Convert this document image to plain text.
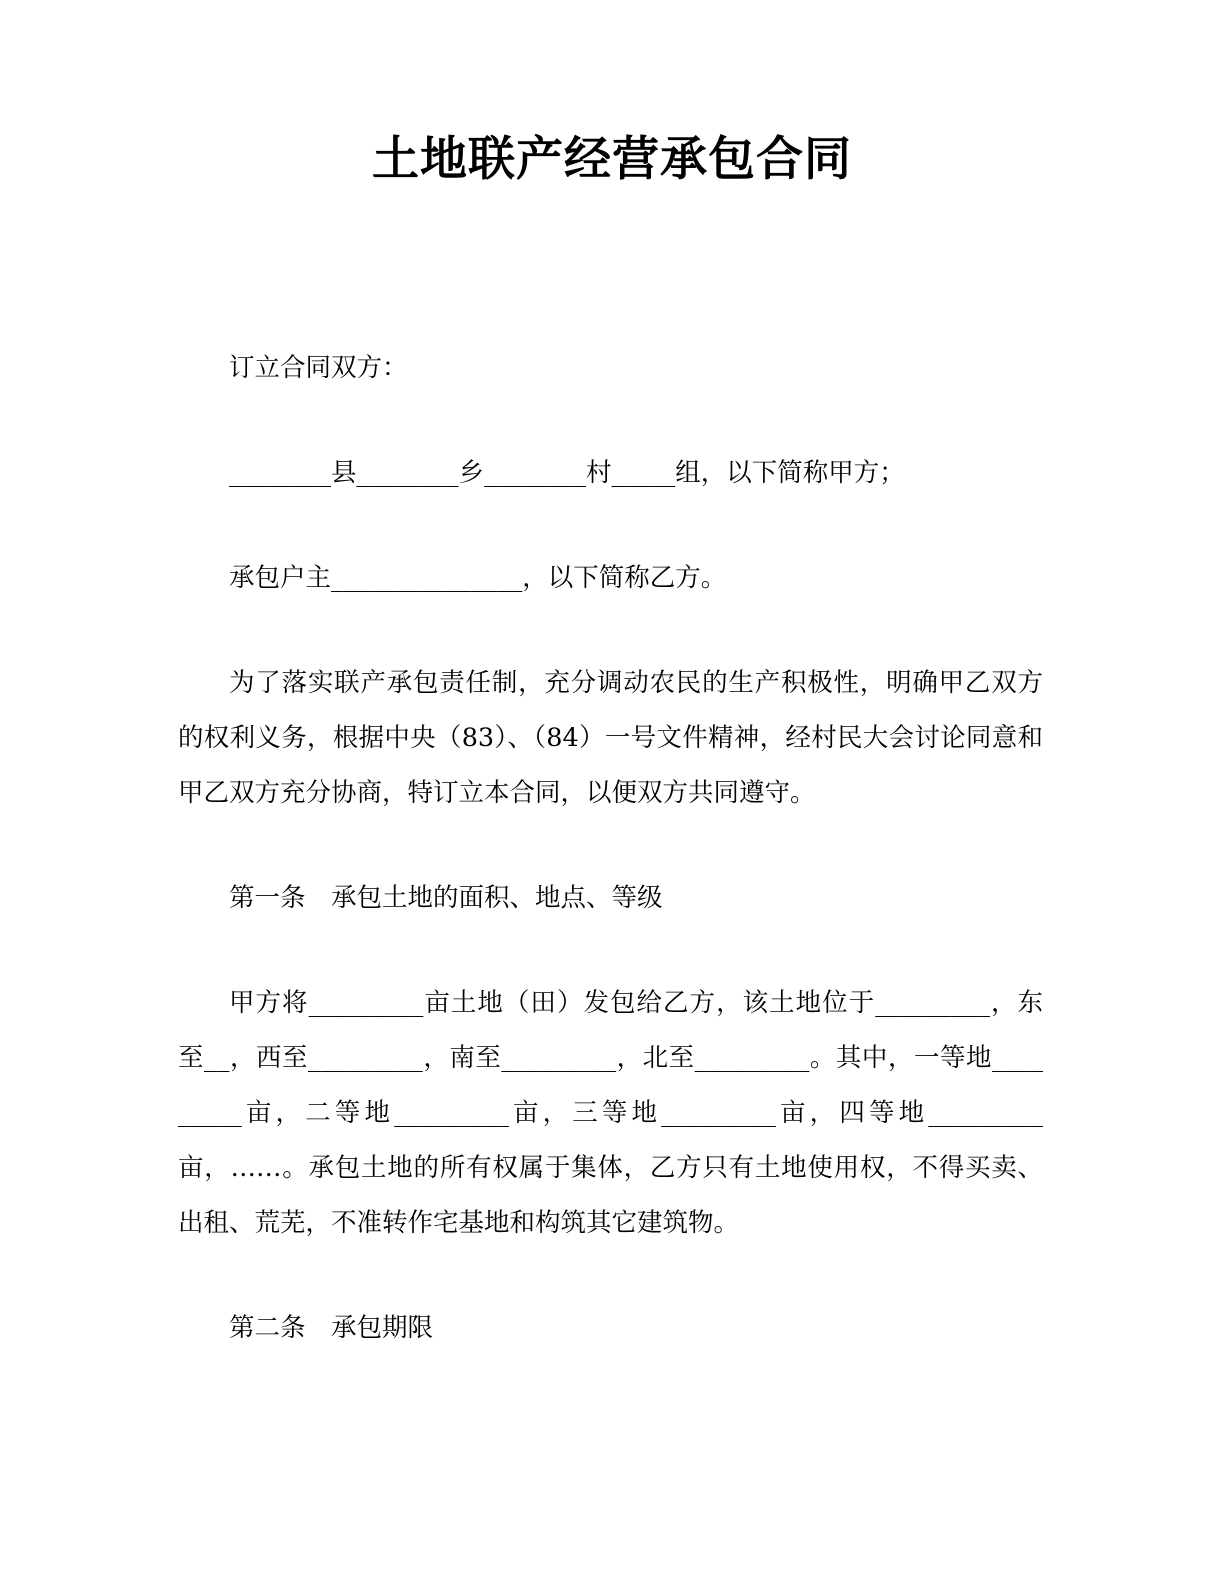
土地联产经营承包合同

订立合同双方：

________县________乡________村_____组，以下简称甲方；

承包户主_______________，以下简称乙方。

为了落实联产承包责任制，充分调动农民的生产积极性，明确甲乙双方的权利义务，根据中央（83）、（84）一号文件精神，经村民大会讨论同意和甲乙双方充分协商，特订立本合同，以便双方共同遵守。

第一条　承包土地的面积、地点、等级

甲方将_________亩土地（田）发包给乙方，该土地位于_________，东至__，西至_________，南至_________，北至_________。其中，一等地_________亩，二等地_________亩，三等地_________亩，四等地_________亩，……。承包土地的所有权属于集体，乙方只有土地使用权，不得买卖、出租、荒芜，不准转作宅基地和构筑其它建筑物。

第二条　承包期限
